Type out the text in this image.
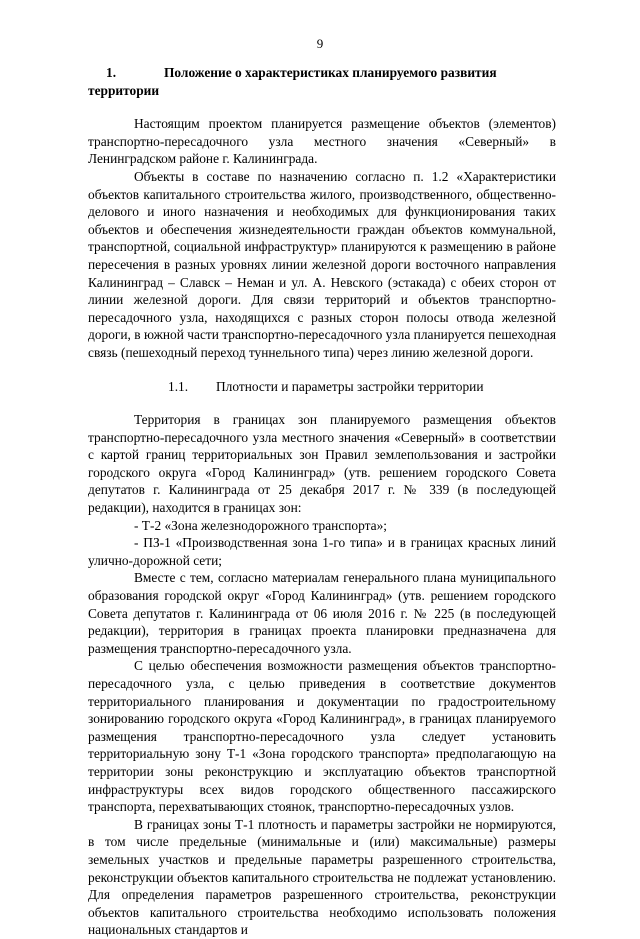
9
1.	Положение о характеристиках планируемого развития территории

Настоящим проектом планируется размещение объектов (элементов) транспортно-пересадочного узла местного значения «Северный» в Ленинградском районе г. Калининграда.

Объекты в составе по назначению согласно п. 1.2 «Характеристики объектов капитального строительства жилого, производственного, общественно-делового и иного назначения и необходимых для функционирования таких объектов и обеспечения жизнедеятельности граждан объектов коммунальной, транспортной, социальной инфраструктур» планируются к размещению в районе пересечения в разных уровнях линии железной дороги восточного направления Калининград – Славск – Неман и ул. А. Невского (эстакада) с обеих сторон от линии железной дороги. Для связи территорий и объектов транспортно-пересадочного узла, находящихся с разных сторон полосы отвода железной дороги, в южной части транспортно-пересадочного узла планируется пешеходная связь (пешеходный переход туннельного типа) через линию железной дороги.

1.1. Плотности и параметры застройки территории

Территория в границах зон планируемого размещения объектов транспортно-пересадочного узла местного значения «Северный» в соответствии с картой границ территориальных зон Правил землепользования и застройки городского округа «Город Калининград» (утв. решением городского Совета депутатов г. Калининграда от 25 декабря 2017 г. № 339 (в последующей редакции), находится в границах зон:

- Т-2 «Зона железнодорожного транспорта»;

- ПЗ-1 «Производственная зона 1-го типа» и в границах красных линий улично-дорожной сети;

Вместе с тем, согласно материалам генерального плана муниципального образования городской округ «Город Калининград» (утв. решением городского Совета депутатов г. Калининграда от 06 июля 2016 г. № 225 (в последующей редакции), территория в границах проекта планировки предназначена для размещения транспортно-пересадочного узла.

С целью обеспечения возможности размещения объектов транспортно-пересадочного узла, с целью приведения в соответствие документов территориального планирования и документации по градостроительному зонированию городского округа «Город Калининград», в границах планируемого размещения транспортно-пересадочного узла следует установить территориальную зону Т-1 «Зона городского транспорта» предполагающую на территории зоны реконструкцию и эксплуатацию объектов транспортной инфраструктуры всех видов городского общественного пассажирского транспорта, перехватывающих стоянок, транспортно-пересадочных узлов.

В границах зоны Т-1 плотность и параметры застройки не нормируются, в том числе предельные (минимальные и (или) максимальные) размеры земельных участков и предельные параметры разрешенного строительства, реконструкции объектов капитального строительства не подлежат установлению. Для определения параметров разрешенного строительства, реконструкции объектов капитального строительства необходимо использовать положения национальных стандартов и
